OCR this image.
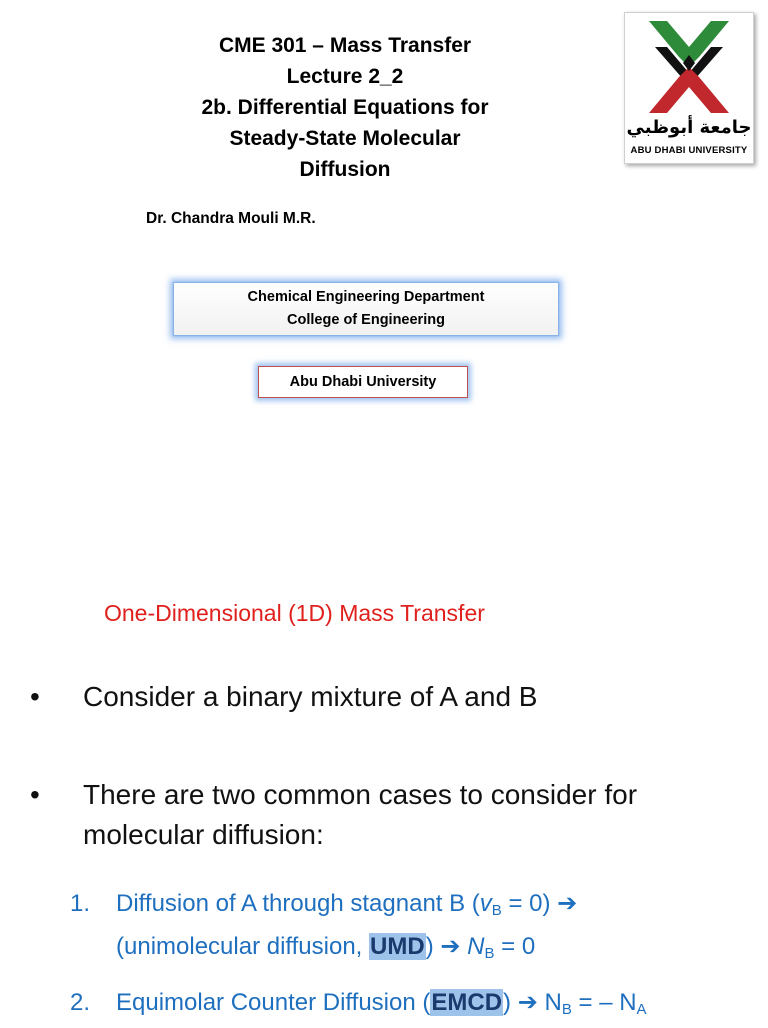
CME 301 – Mass Transfer
Lecture 2_2
2b. Differential Equations for
Steady-State Molecular
Diffusion
جامعة أبوظبي
ABU DHABI UNIVERSITY
Dr. Chandra Mouli M.R.
Chemical Engineering Department
College of Engineering
Abu Dhabi University
One-Dimensional (1D) Mass Transfer
• Consider a binary mixture of A and B
• There are two common cases to consider for
molecular diffusion:
1. Diffusion of A through stagnant B $(v_B = 0)$ ➔
(unimolecular diffusion, UMD) ➔ $N_B = 0$
2. Equimolar Counter Diffusion (EMCD) ➔ $N_B$ = – $N_A$
